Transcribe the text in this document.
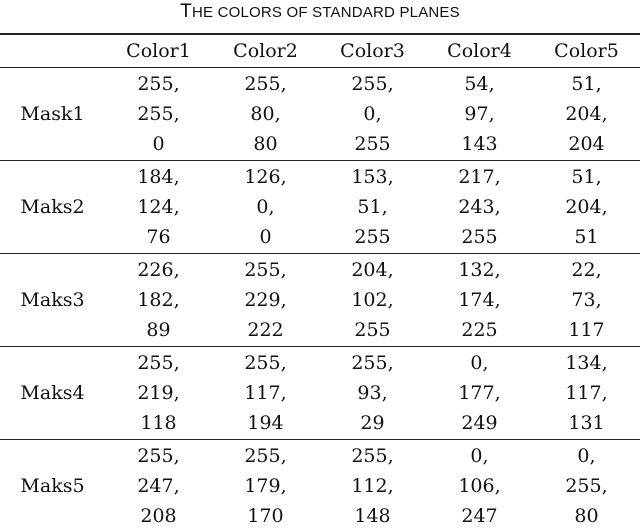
THE COLORS OF STANDARD PLANES
	Color1	Color2	Color3	Color4	Color5
Mask1	255,
255,
0	255,
80,
80	255,
0,
255	54,
97,
143	51,
204,
204

Maks2	184,
124,
76	126,
0,
0	153,
51,
255	217,
243,
255	51,
204,
51

Maks3	226,
182,
89	255,
229,
222	204,
102,
255	132,
174,
225	22,
73,
117

Maks4	255,
219,
118	255,
117,
194	255,
93,
29	0,
177,
249	134,
117,
131

Maks5	255,
247,
208	255,
179,
170	255,
112,
148	0,
106,
247	0,
255,
80
